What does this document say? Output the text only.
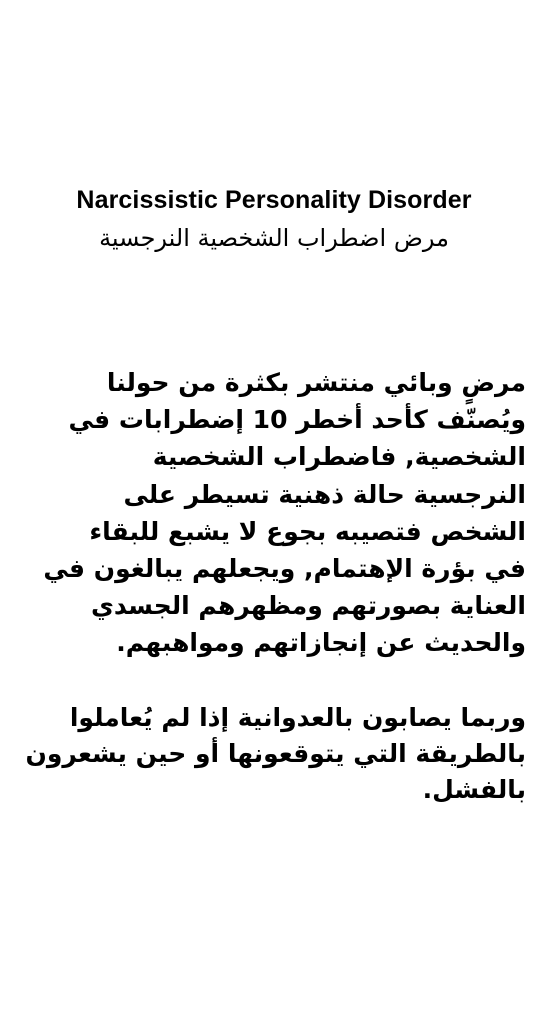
Narcissistic Personality Disorder
مرض اضطراب الشخصية النرجسية
مرضٍ وبائي منتشر بكثرة من حولنا
ويُصنّف كأحد أخطر 10 إضطرابات في
الشخصية, فاضطراب الشخصية
النرجسية حالة ذهنية تسيطر على
الشخص فتصيبه بجوع لا يشبع للبقاء
في بؤرة الإهتمام, ويجعلهم يبالغون في
العناية بصورتهم ومظهرهم الجسدي
والحديث عن إنجازاتهم ومواهبهم.
وربما يصابون بالعدوانية إذا لم يُعاملوا
بالطريقة التي يتوقعونها أو حين يشعرون
بالفشل.
